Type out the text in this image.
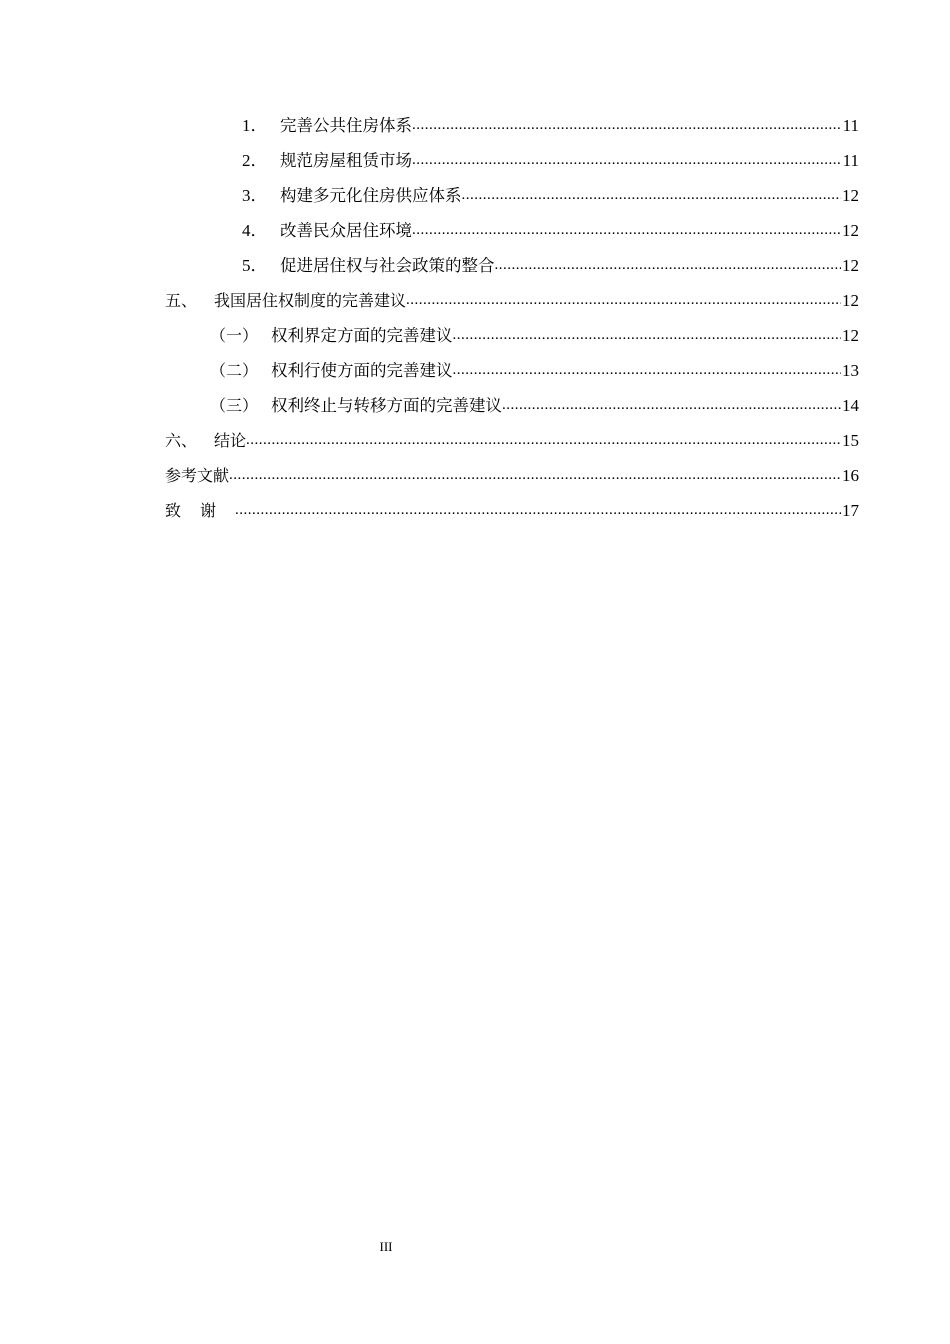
1． 完善公共住房体系 .....	11
2． 规范房屋租赁市场 .....	11
3． 构建多元化住房供应体系 .....	12
4． 改善民众居住环境 .....	12
5． 促进居住权与社会政策的整合 .....	12
五、	我国居住权制度的完善建议 .....	12
（一） 权利界定方面的完善建议 .....	12
（二） 权利行使方面的完善建议 .....	13
（三） 权利终止与转移方面的完善建议 .....	14
六、	结论 .....	15
参考文献 .....	16
致谢 .....	17
III
